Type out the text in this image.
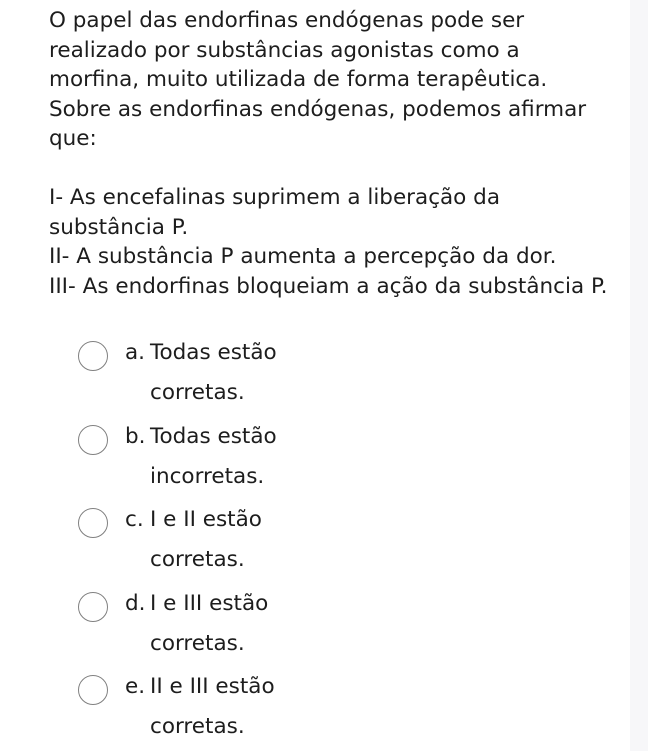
O papel das endorfinas endógenas pode ser realizado por substâncias agonistas como a morfina, muito utilizada de forma terapêutica. Sobre as endorfinas endógenas, podemos afirmar que:

I- As encefalinas suprimem a liberação da substância P.

II- A substância P aumenta a percepção da dor.

III- As endorfinas bloqueiam a ação da substância P.

a. Todas estão corretas.
b. Todas estão incorretas.
c. I e II estão corretas.
d. I e III estão corretas.
e. II e III estão corretas.
